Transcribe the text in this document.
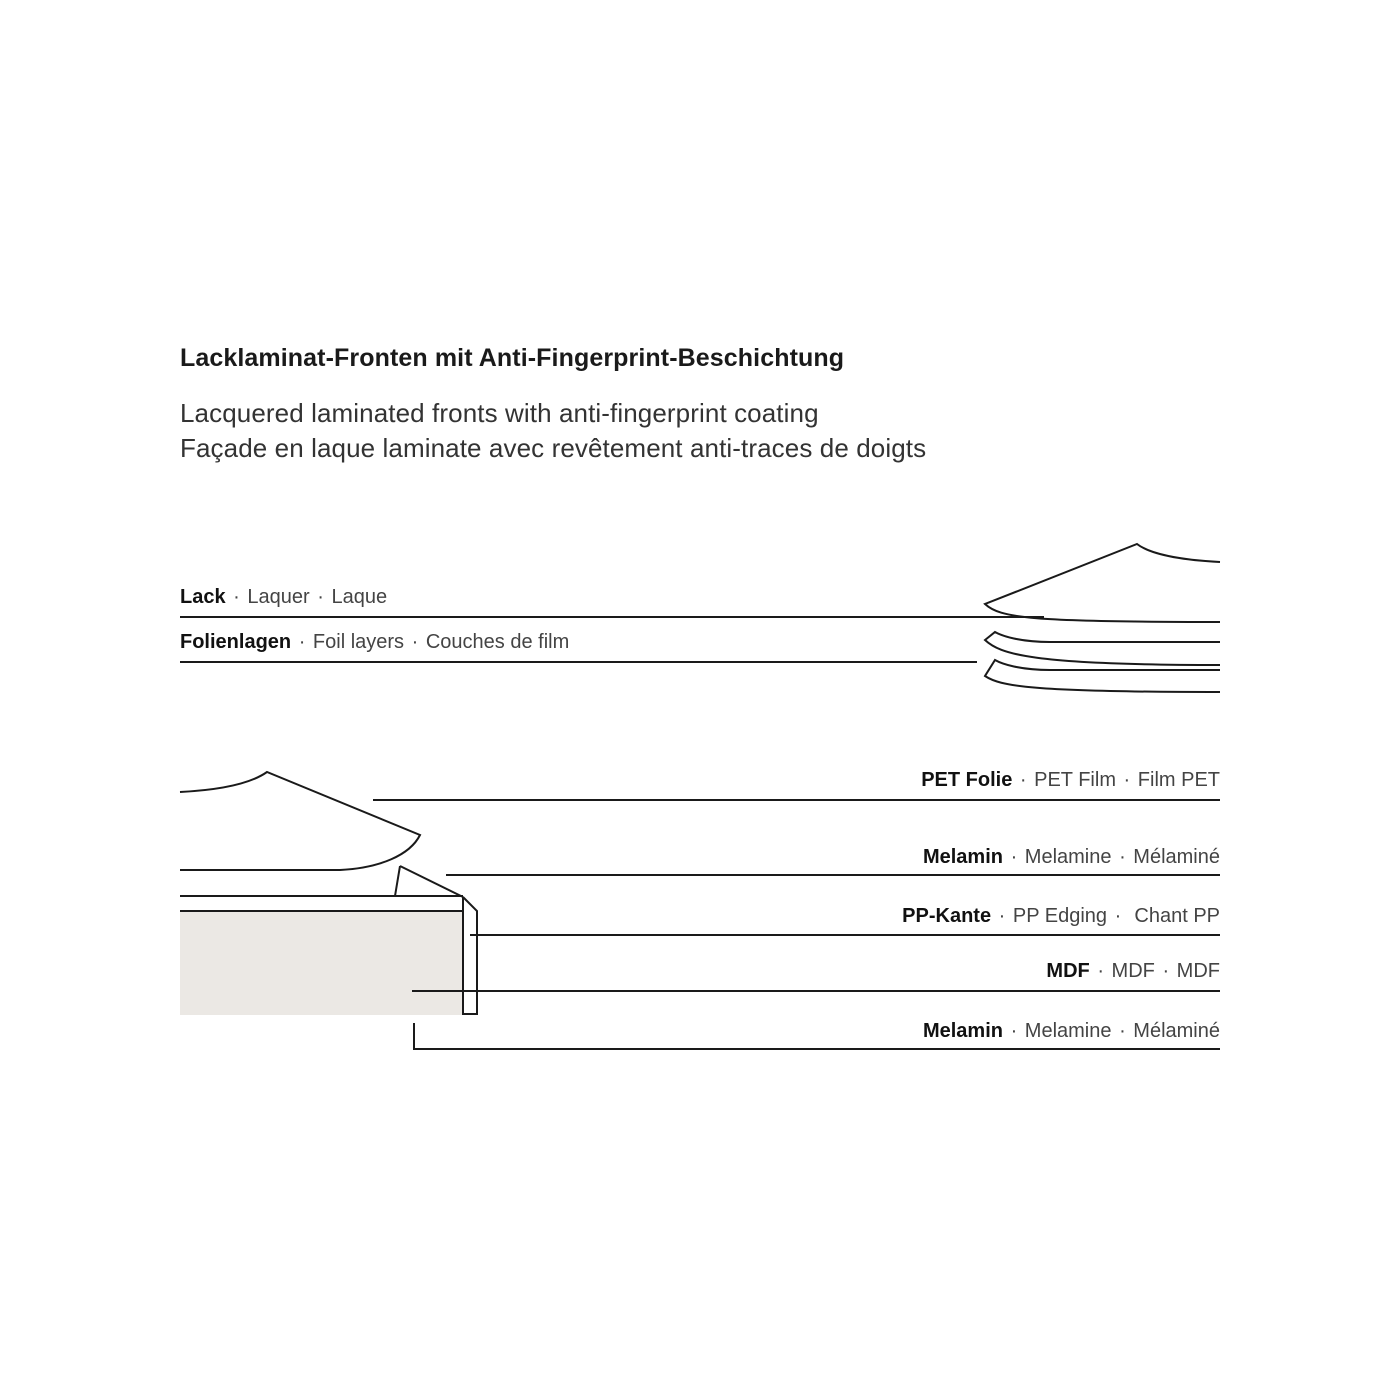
Lacklaminat-Fronten mit Anti-Fingerprint-Beschichtung
Lacquered laminated fronts with anti-fingerprint coating
Façade en laque laminate avec revêtement anti-traces de doigts
Lack · Laquer · Laque
Folienlagen · Foil layers · Couches de film
PET Folie · PET Film · Film PET
Melamin · Melamine · Mélaminé
PP-Kante · PP Edging · Chant PP
MDF · MDF · MDF
Melamin · Melamine · Mélaminé
